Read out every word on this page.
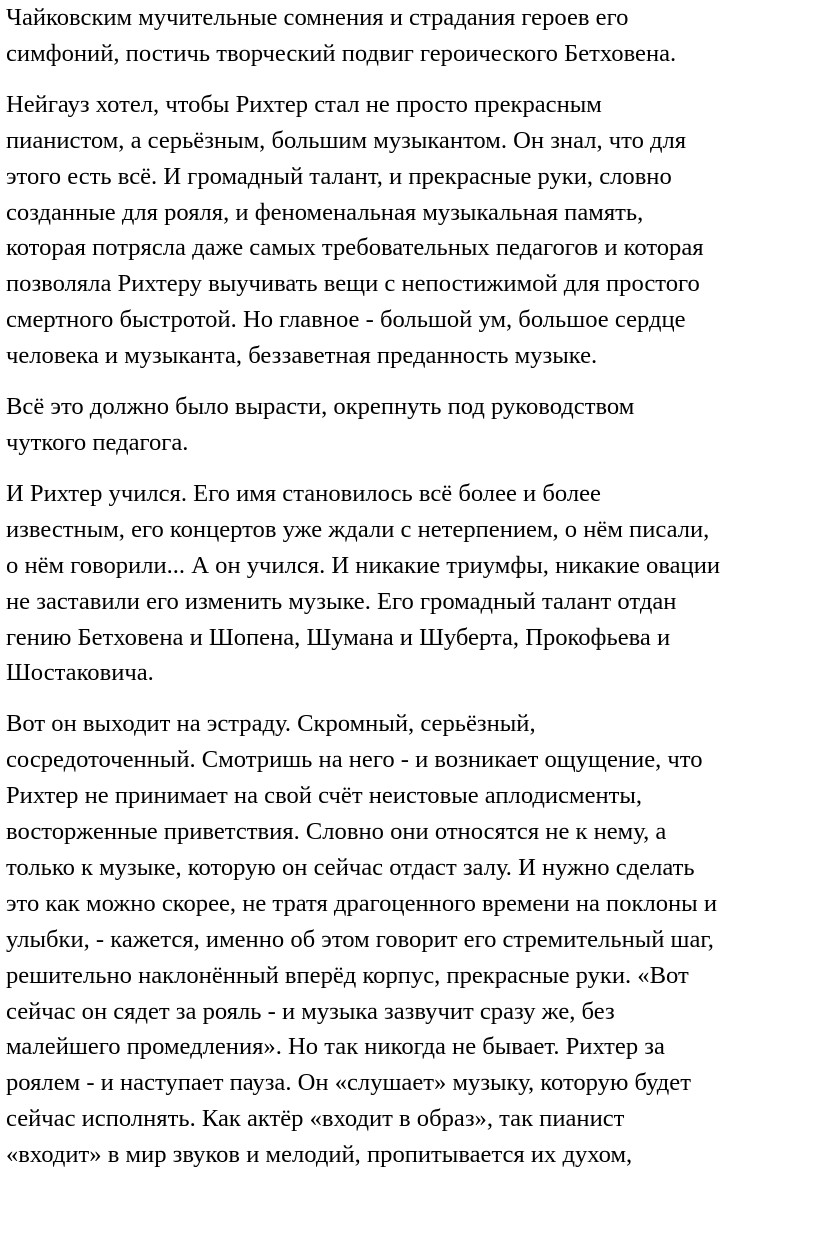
Чайковским мучительные сомнения и страдания героев его
симфоний, постичь творческий подвиг героического Бетховена.

Нейгауз хотел, чтобы Рихтер стал не просто прекрасным
пианистом, а серьёзным, большим музыкантом. Он знал, что для
этого есть всё. И громадный талант, и прекрасные руки, словно
созданные для рояля, и феноменальная музыкальная память,
которая потрясла даже самых требовательных педагогов и которая
позволяла Рихтеру выучивать вещи с непостижимой для простого
смертного быстротой. Но главное - большой ум, большое сердце
человека и музыканта, беззаветная преданность музыке.

Всё это должно было вырасти, окрепнуть под руководством
чуткого педагога.

И Рихтер учился. Его имя становилось всё более и более
известным, его концертов уже ждали с нетерпением, о нём писали,
о нём говорили... А он учился. И никакие триумфы, никакие овации
не заставили его изменить музыке. Его громадный талант отдан
гению Бетховена и Шопена, Шумана и Шуберта, Прокофьева и
Шостаковича.

Вот он выходит на эстраду. Скромный, серьёзный,
сосредоточенный. Смотришь на него - и возникает ощущение, что
Рихтер не принимает на свой счёт неистовые аплодисменты,
восторженные приветствия. Словно они относятся не к нему, а
только к музыке, которую он сейчас отдаст залу. И нужно сделать
это как можно скорее, не тратя драгоценного времени на поклоны и
улыбки, - кажется, именно об этом говорит его стремительный шаг,
решительно наклонённый вперёд корпус, прекрасные руки. «Вот
сейчас он сядет за рояль - и музыка зазвучит сразу же, без
малейшего промедления». Но так никогда не бывает. Рихтер за
роялем - и наступает пауза. Он «слушает» музыку, которую будет
сейчас исполнять. Как актёр «входит в образ», так пианист
«входит» в мир звуков и мелодий, пропитывается их духом,
